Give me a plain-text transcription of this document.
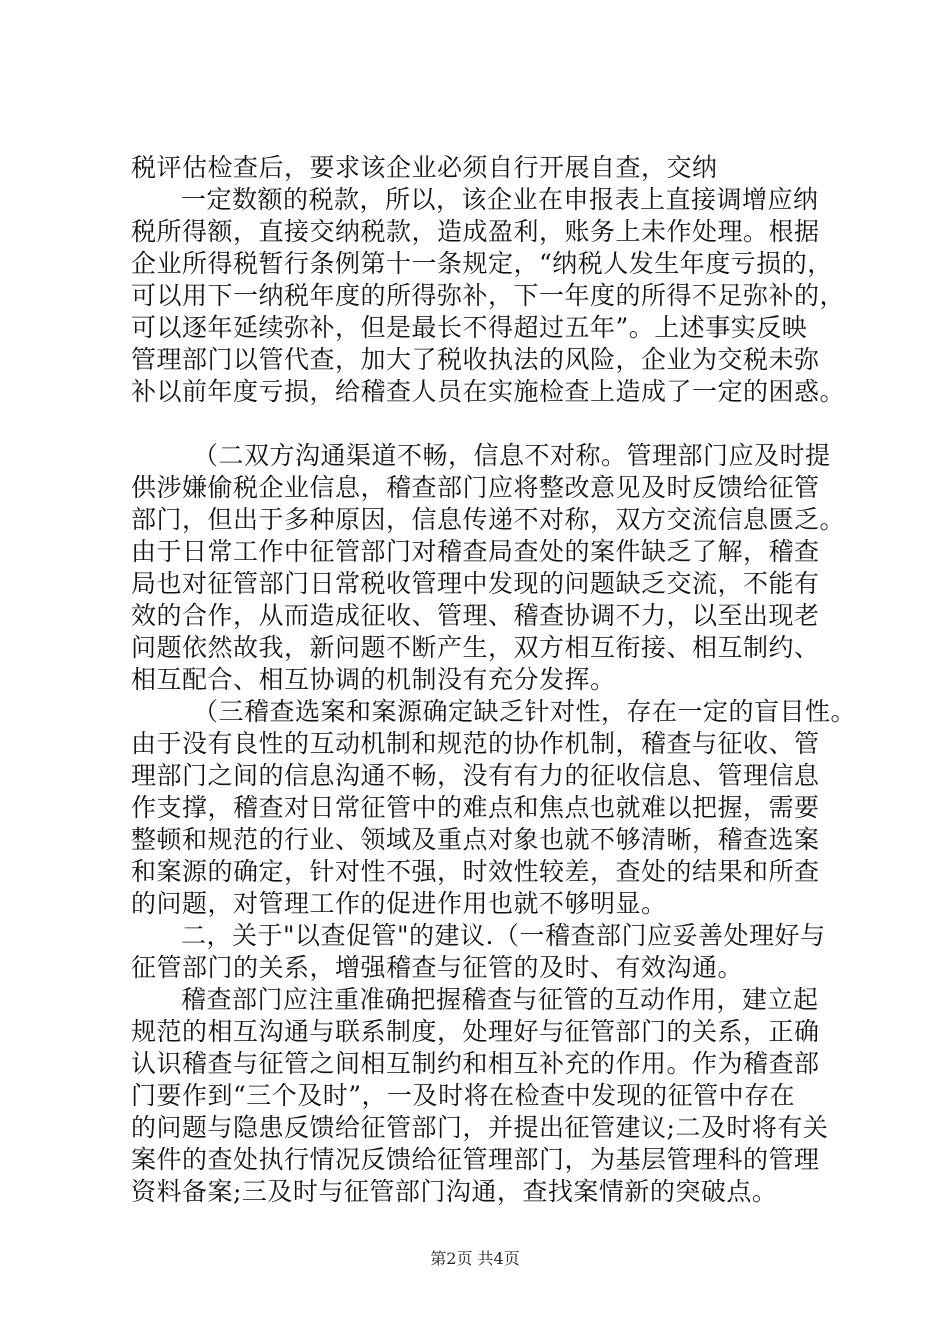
税评估检查后，要求该企业必须自行开展自查，交纳
一定数额的税款，所以，该企业在申报表上直接调增应纳
税所得额，直接交纳税款，造成盈利，账务上未作处理。根据
企业所得税暂行条例第十一条规定，“纳税人发生年度亏损的，
可以用下一纳税年度的所得弥补，下一年度的所得不足弥补的，
可以逐年延续弥补，但是最长不得超过五年”。上述事实反映
管理部门以管代查，加大了税收执法的风险，企业为交税未弥
补以前年度亏损，给稽查人员在实施检查上造成了一定的困惑。
（二双方沟通渠道不畅，信息不对称。管理部门应及时提
供涉嫌偷税企业信息，稽查部门应将整改意见及时反馈给征管
部门，但出于多种原因，信息传递不对称，双方交流信息匮乏。
由于日常工作中征管部门对稽查局查处的案件缺乏了解，稽查
局也对征管部门日常税收管理中发现的问题缺乏交流，不能有
效的合作，从而造成征收、管理、稽查协调不力，以至出现老
问题依然故我，新问题不断产生，双方相互衔接、相互制约、
相互配合、相互协调的机制没有充分发挥。
（三稽查选案和案源确定缺乏针对性，存在一定的盲目性。
由于没有良性的互动机制和规范的协作机制，稽查与征收、管
理部门之间的信息沟通不畅，没有有力的征收信息、管理信息
作支撑，稽查对日常征管中的难点和焦点也就难以把握，需要
整顿和规范的行业、领域及重点对象也就不够清晰，稽查选案
和案源的确定，针对性不强，时效性较差，查处的结果和所查
的问题，对管理工作的促进作用也就不够明显。
二，关于"以查促管"的建议.（一稽查部门应妥善处理好与
征管部门的关系，增强稽查与征管的及时、有效沟通。
稽查部门应注重准确把握稽查与征管的互动作用，建立起
规范的相互沟通与联系制度，处理好与征管部门的关系，正确
认识稽查与征管之间相互制约和相互补充的作用。作为稽查部
门要作到“三个及时”，一及时将在检查中发现的征管中存在
的问题与隐患反馈给征管部门，并提出征管建议;二及时将有关
案件的查处执行情况反馈给征管理部门，为基层管理科的管理
资料备案;三及时与征管部门沟通，查找案情新的突破点。
第2页 共4页
